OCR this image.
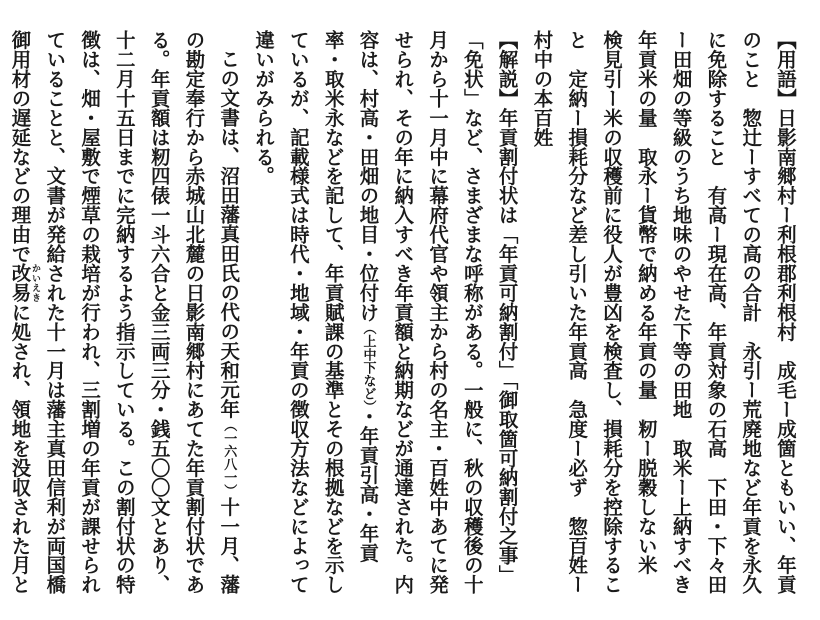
【用語】日影南郷村ー利根郡利根村　成毛ー成箇ともいい、年貢のこと　惣辻ーすべての高の合計　永引ー荒廃地など年貢を永久に免除すること　有高ー現在高、年貢対象の石高　下田・下々田ー田畑の等級のうち地味のやせた下等の田地　取米ー上納すべき年貢米の量　取永ー貨幣で納める年貢の量　籾ー脱穀しない米　検見引ー米の収穫前に役人が豊凶を検査し、損耗分を控除すること　定納ー損耗分など差し引いた年貢高　急度ー必ず　惣百姓ー村中の本百姓

【解説】年貢割付状は「年貢可納割付」「御取箇可納割付之事」「免状」など、さまざまな呼称がある。一般に、秋の収穫後の十月から十一月中に幕府代官や領主から村の名主・百姓中あてに発せられ、その年に納入すべき年貢額と納期などが通達された。内容は、村高・田畑の地目・位付け（上中下など）・年貢引高・年貢率・取米永などを記して、年貢賦課の基準とその根拠などを示しているが、記載様式は時代・地域・年貢の徴収方法などによって違いがみられる。

この文書は、沼田藩真田氏の代の天和元年（一六八一）十一月、藩の勘定奉行から赤城山北麓の日影南郷村にあてた年貢割付状である。年貢額は籾四俵一斗六合と金三両三分・銭五〇〇文とあり、十二月十五日までに完納するよう指示している。この割付状の特徴は、畑・屋敷で煙草の栽培が行われ、三割増の年貢が課せられていることと、文書が発給された十一月は藩主真田信利が両国橋御用材の遅延などの理由で改易かいえきに処され、領地を没収された月と
